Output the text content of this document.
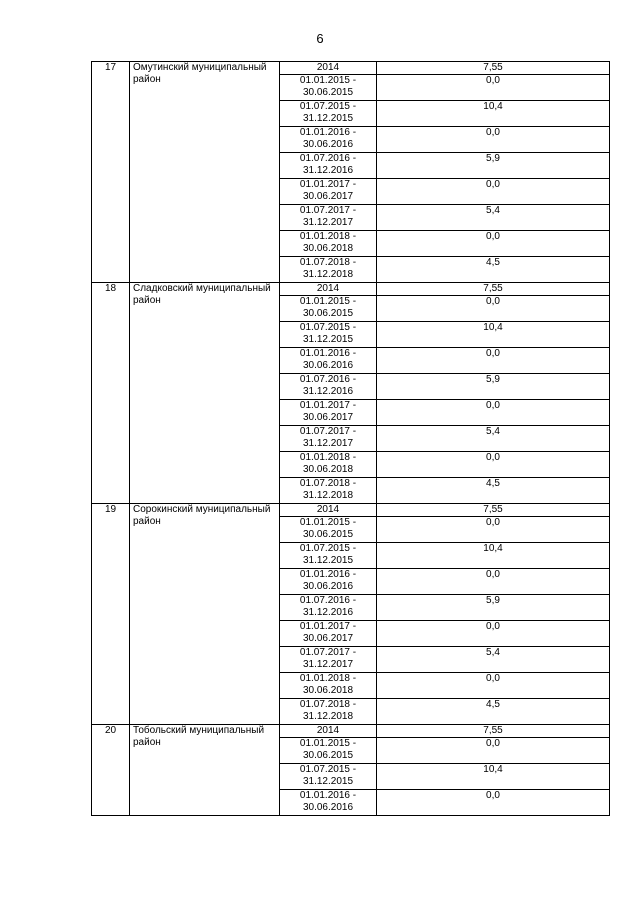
6
17	Омутинский муниципальный район	2014	7,55
		01.01.2015 - 30.06.2015	0,0
		01.07.2015 - 31.12.2015	10,4
		01.01.2016 - 30.06.2016	0,0
		01.07.2016 - 31.12.2016	5,9
		01.01.2017 - 30.06.2017	0,0
		01.07.2017 - 31.12.2017	5,4
		01.01.2018 - 30.06.2018	0,0
		01.07.2018 - 31.12.2018	4,5
18	Сладковский муниципальный район	2014	7,55
		01.01.2015 - 30.06.2015	0,0
		01.07.2015 - 31.12.2015	10,4
		01.01.2016 - 30.06.2016	0,0
		01.07.2016 - 31.12.2016	5,9
		01.01.2017 - 30.06.2017	0,0
		01.07.2017 - 31.12.2017	5,4
		01.01.2018 - 30.06.2018	0,0
		01.07.2018 - 31.12.2018	4,5
19	Сорокинский муниципальный район	2014	7,55
		01.01.2015 - 30.06.2015	0,0
		01.07.2015 - 31.12.2015	10,4
		01.01.2016 - 30.06.2016	0,0
		01.07.2016 - 31.12.2016	5,9
		01.01.2017 - 30.06.2017	0,0
		01.07.2017 - 31.12.2017	5,4
		01.01.2018 - 30.06.2018	0,0
		01.07.2018 - 31.12.2018	4,5
20	Тобольский муниципальный район	2014	7,55
		01.01.2015 - 30.06.2015	0,0
		01.07.2015 - 31.12.2015	10,4
		01.01.2016 - 30.06.2016	0,0
